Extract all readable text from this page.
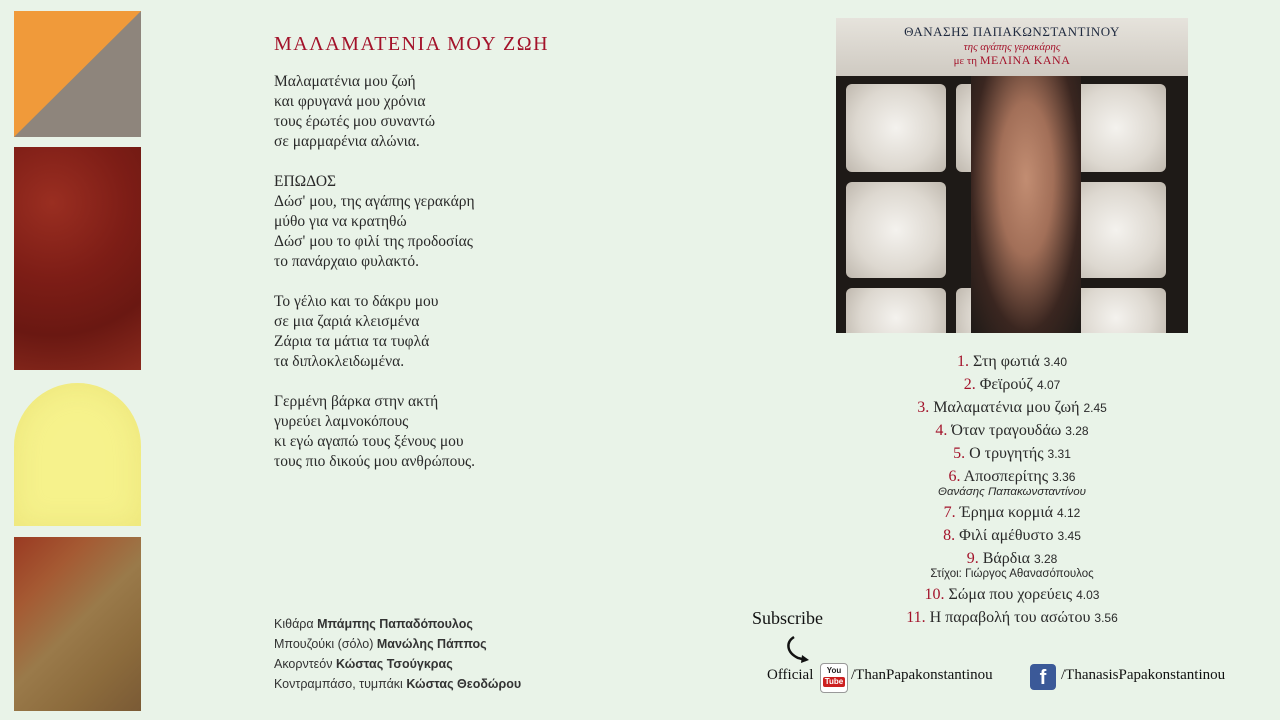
ΜΑΛΑΜΑΤΕΝΙΑ ΜΟΥ ΖΩΗ
Μαλαματένια μου ζωή
και φρυγανά μου χρόνια
τους έρωτές μου συναντώ
σε μαρμαρένια αλώνια.
ΕΠΩΔΟΣ
Δώσ' μου, της αγάπης γερακάρη
μύθο για να κρατηθώ
Δώσ' μου το φιλί της προδοσίας
το πανάρχαιο φυλακτό.
Το γέλιο και το δάκρυ μου
σε μια ζαριά κλεισμένα
Ζάρια τα μάτια τα τυφλά
τα διπλοκλειδωμένα.
Γερμένη βάρκα στην ακτή
γυρεύει λαμνοκόπους
κι εγώ αγαπώ τους ξένους μου
τους πιο δικούς μου ανθρώπους.
Κιθάρα Μπάμπης Παπαδόπουλος
Μπουζούκι (σόλο) Μανώλης Πάππος
Ακορντεόν Κώστας Τσούγκρας
Κοντραμπάσο, τυμπάκι Κώστας Θεοδώρου
ΘΑΝΑΣΗΣ ΠΑΠΑΚΩΝΣΤΑΝΤΙΝΟΥ
της αγάπης γερακάρης
με τη ΜΕΛΙΝΑ ΚΑΝΑ
1. Στη φωτιά 3.40
2. Φεϊρούζ 4.07
3. Μαλαματένια μου ζωή 2.45
4. Όταν τραγουδάω 3.28
5. Ο τρυγητής 3.31
6. Αποσπερίτης 3.36
Θανάσης Παπακωνσταντίνου
7. Έρημα κορμιά 4.12
8. Φιλί αμέθυστο 3.45
9. Βάρδια 3.28
Στίχοι: Γιώργος Αθανασόπουλος
10. Σώμα που χορεύεις 4.03
11. Η παραβολή του ασώτου 3.56
Subscribe
Official	You
Tube /ThanPapakonstantinou	f /ThanasisPapakonstantinou
